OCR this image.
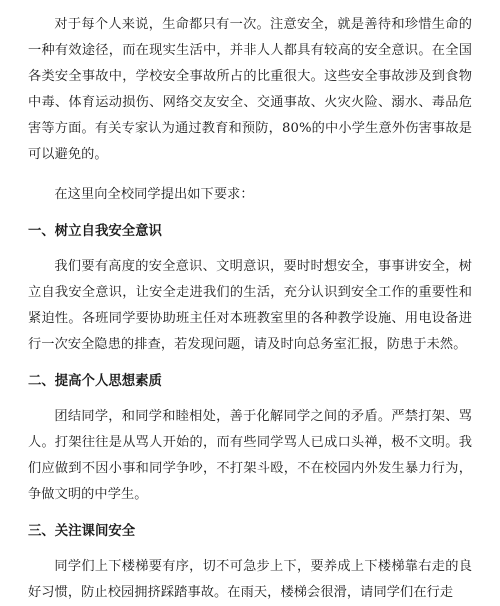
对于每个人来说，生命都只有一次。注意安全，就是善待和珍惜生命的一种有效途径，而在现实生活中，并非人人都具有较高的安全意识。在全国各类安全事故中，学校安全事故所占的比重很大。这些安全事故涉及到食物中毒、体育运动损伤、网络交友安全、交通事故、火灾火险、溺水、毒品危害等方面。有关专家认为通过教育和预防，80%的中小学生意外伤害事故是可以避免的。

在这里向全校同学提出如下要求：

一、树立自我安全意识

我们要有高度的安全意识、文明意识，要时时想安全，事事讲安全，树立自我安全意识，让安全走进我们的生活，充分认识到安全工作的重要性和紧迫性。各班同学要协助班主任对本班教室里的各种教学设施、用电设备进行一次安全隐患的排查，若发现问题，请及时向总务室汇报，防患于未然。

二、提高个人思想素质

团结同学，和同学和睦相处，善于化解同学之间的矛盾。严禁打架、骂人。打架往往是从骂人开始的，而有些同学骂人已成口头禅，极不文明。我们应做到不因小事和同学争吵，不打架斗殴，不在校园内外发生暴力行为，争做文明的中学生。

三、关注课间安全

同学们上下楼梯要有序，切不可急步上下，要养成上下楼梯靠右走的良好习惯，防止校园拥挤踩踏事故。在雨天，楼梯会很滑，请同学们在行走
